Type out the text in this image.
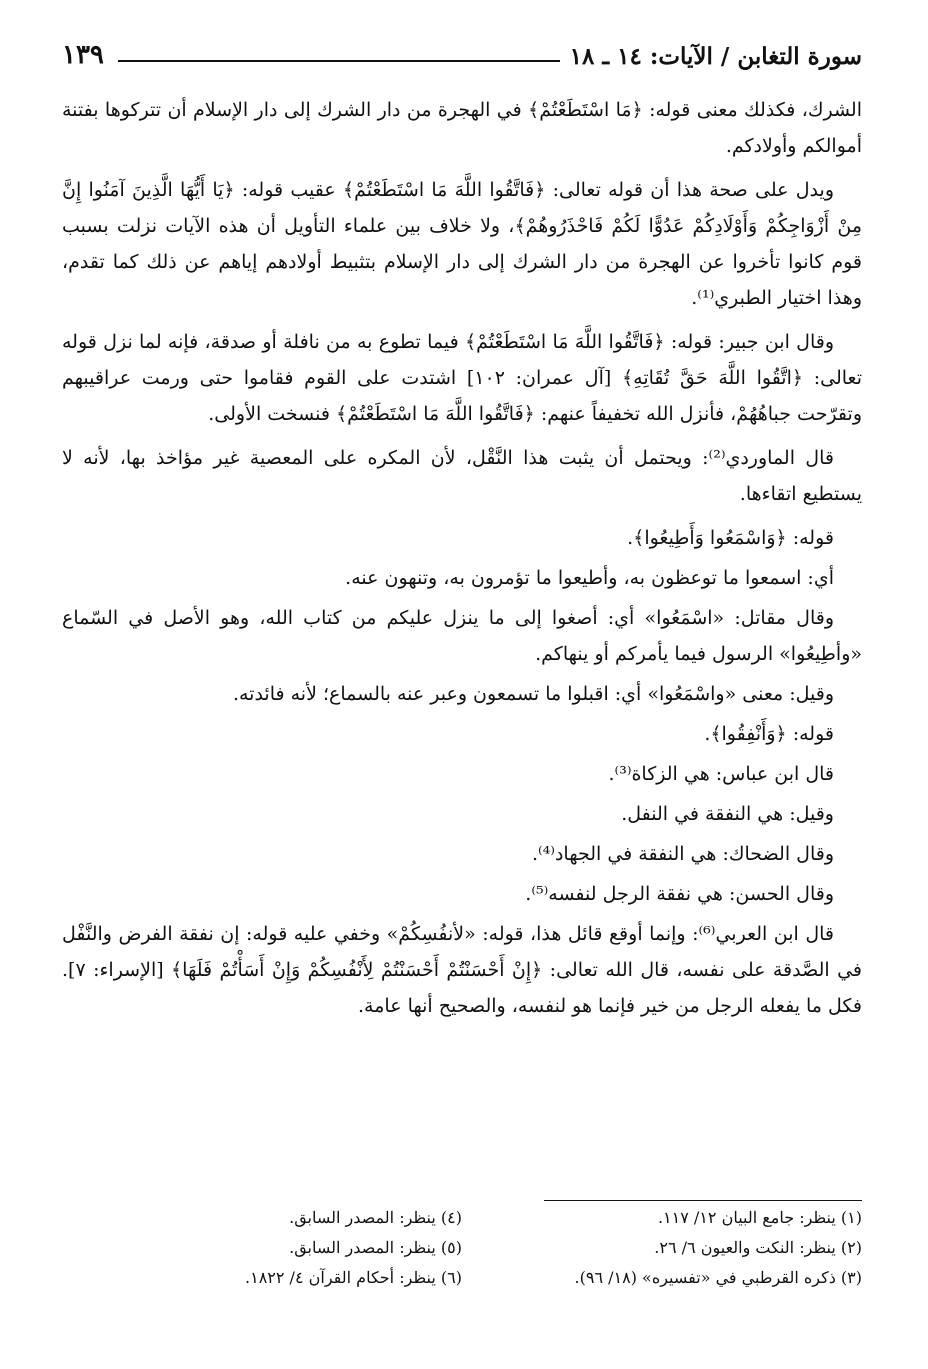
سورة التغابن / الآيات: ١٤ ـ ١٨
١٣٩

الشرك، فكذلك معنى قوله: ﴿مَا اسْتَطَعْتُمْ﴾ في الهجرة من دار الشرك إلى دار الإسلام أن تتركوها بفتنة أموالكم وأولادكم.

ويدل على صحة هذا أن قوله تعالى: ﴿فَاتَّقُوا اللَّهَ مَا اسْتَطَعْتُمْ﴾ عقيب قوله: ﴿يَا أَيُّهَا الَّذِينَ آمَنُوا إِنَّ مِنْ أَزْوَاجِكُمْ وَأَوْلَادِكُمْ عَدُوًّا لَكُمْ فَاحْذَرُوهُمْ﴾، ولا خلاف بين علماء التأويل أن هذه الآيات نزلت بسبب قوم كانوا تأخروا عن الهجرة من دار الشرك إلى دار الإسلام بتثبيط أولادهم إياهم عن ذلك كما تقدم، وهذا اختيار الطبري⁽¹⁾.

وقال ابن جبير: قوله: ﴿فَاتَّقُوا اللَّهَ مَا اسْتَطَعْتُمْ﴾ فيما تطوع به من نافلة أو صدقة، فإنه لما نزل قوله تعالى: ﴿اتَّقُوا اللَّهَ حَقَّ تُقَاتِهِ﴾ [آل عمران: ١٠٢] اشتدت على القوم فقاموا حتى ورمت عراقيبهم وتقرّحت جباهُهُمْ، فأنزل الله تخفيفاً عنهم: ﴿فَاتَّقُوا اللَّهَ مَا اسْتَطَعْتُمْ﴾ فنسخت الأولى.

قال الماوردي⁽²⁾: ويحتمل أن يثبت هذا النَّقْل، لأن المكره على المعصية غير مؤاخذ بها، لأنه لا يستطيع اتقاءها.

قوله: ﴿وَاسْمَعُوا وَأَطِيعُوا﴾.

أي: اسمعوا ما توعظون به، وأطيعوا ما تؤمرون به، وتنهون عنه.

وقال مقاتل: «اسْمَعُوا» أي: أصغوا إلى ما ينزل عليكم من كتاب الله، وهو الأصل في السّماع «وأطِيعُوا» الرسول فيما يأمركم أو ينهاكم.

وقيل: معنى «واسْمَعُوا» أي: اقبلوا ما تسمعون وعبر عنه بالسماع؛ لأنه فائدته.

قوله: ﴿وَأَنْفِقُوا﴾.

قال ابن عباس: هي الزكاة⁽³⁾.

وقيل: هي النفقة في النفل.

وقال الضحاك: هي النفقة في الجهاد⁽⁴⁾.

وقال الحسن: هي نفقة الرجل لنفسه⁽⁵⁾.

قال ابن العربي⁽⁶⁾: وإنما أوقع قائل هذا، قوله: «لأنفُسِكُمْ» وخفي عليه قوله: إن نفقة الفرض والنَّفْل في الصَّدقة على نفسه، قال الله تعالى: ﴿إِنْ أَحْسَنْتُمْ أَحْسَنْتُمْ لِأَنْفُسِكُمْ وَإِنْ أَسَأْتُمْ فَلَهَا﴾ [الإسراء: ٧]. فكل ما يفعله الرجل من خير فإنما هو لنفسه، والصحيح أنها عامة.

(١) ينظر: جامع البيان ١٢/ ١١٧.
(٤) ينظر: المصدر السابق.
(٢) ينظر: النكت والعيون ٦/ ٢٦.
(٥) ينظر: المصدر السابق.
(٣) ذكره القرطبي في «تفسيره» (١٨/ ٩٦).
(٦) ينظر: أحكام القرآن ٤/ ١٨٢٢.
